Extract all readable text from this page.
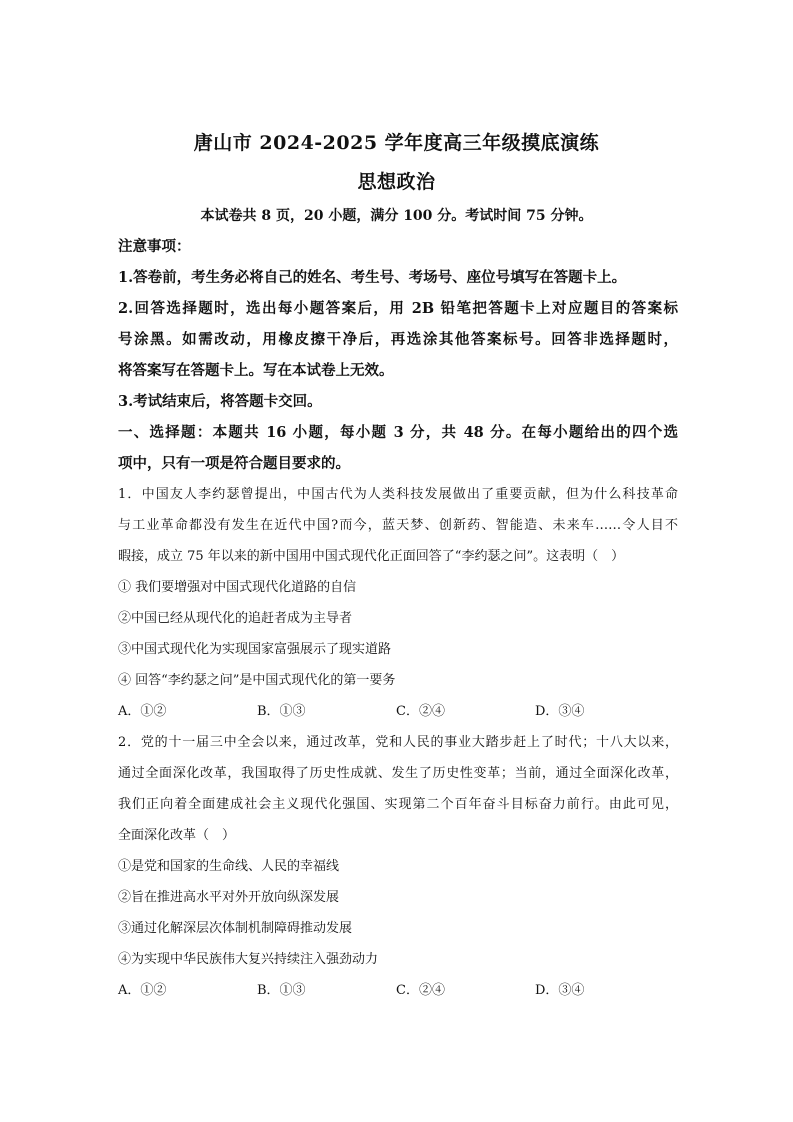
唐山市 2024-2025 学年度高三年级摸底演练
思想政治
本试卷共 8 页，20 小题，满分 100 分。考试时间 75 分钟。
注意事项：
1.答卷前，考生务必将自己的姓名、考生号、考场号、座位号填写在答题卡上。
2.回答选择题时，选出每小题答案后，用 2B 铅笔把答题卡上对应题目的答案标
号涂黑。如需改动，用橡皮擦干净后，再选涂其他答案标号。回答非选择题时，
将答案写在答题卡上。写在本试卷上无效。
3.考试结束后，将答题卡交回。
一、选择题：本题共 16 小题，每小题 3 分，共 48 分。在每小题给出的四个选
项中，只有一项是符合题目要求的。
1．中国友人李约瑟曾提出，中国古代为人类科技发展做出了重要贡献，但为什么科技革命
与工业革命都没有发生在近代中国?而今，蓝天梦、创新药、智能造、未来车……令人目不
暇接，成立 75 年以来的新中国用中国式现代化正面回答了“李约瑟之问”。这表明（　）
① 我们要增强对中国式现代化道路的自信
②中国已经从现代化的追赶者成为主导者
③中国式现代化为实现国家富强展示了现实道路
④ 回答“李约瑟之问”是中国式现代化的第一要务
A．①②	B．①③	C．②④	D．③④
2．党的十一届三中全会以来，通过改革，党和人民的事业大踏步赶上了时代；十八大以来，
通过全面深化改革，我国取得了历史性成就、发生了历史性变革；当前，通过全面深化改革，
我们正向着全面建成社会主义现代化强国、实现第二个百年奋斗目标奋力前行。由此可见，
全面深化改革（　）
①是党和国家的生命线、人民的幸福线
②旨在推进高水平对外开放向纵深发展
③通过化解深层次体制机制障碍推动发展
④为实现中华民族伟大复兴持续注入强劲动力
A．①②	B．①③	C．②④	D．③④
